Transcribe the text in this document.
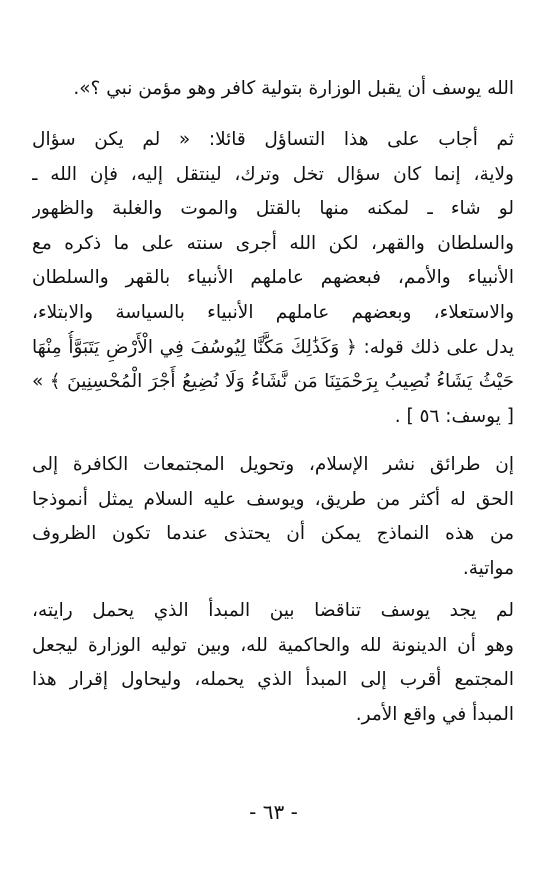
الله يوسف أن يقبل الوزارة بتولية كافر وهو مؤمن نبي ؟».
ثم أجاب على هذا التساؤل قائلا: « لم يكن سؤال
ولاية، إنما كان سؤال تخل وترك، لينتقل إليه، فإن الله ـ
لو شاء ـ لمكنه منها بالقتل والموت والغلبة والظهور
والسلطان والقهر، لكن الله أجرى سنته على ما ذكره مع
الأنبياء والأمم، فبعضهم عاملهم الأنبياء بالقهر والسلطان
والاستعلاء، وبعضهم عاملهم الأنبياء بالسياسة والابتلاء،
يدل على ذلك قوله: ﴿ وَكَذَٰلِكَ مَكَّنَّا لِيُوسُفَ فِي الْأَرْضِ يَتَبَوَّأُ مِنْهَا
حَيْثُ يَشَاءُ نُصِيبُ بِرَحْمَتِنَا مَن نَّشَاءُ وَلَا نُضِيعُ أَجْرَ الْمُحْسِنِينَ ﴾ »
[ يوسف: ٥٦ ] .
إن طرائق نشر الإسلام، وتحويل المجتمعات الكافرة إلى
الحق له أكثر من طريق، ويوسف عليه السلام يمثل أنموذجا
من هذه النماذج يمكن أن يحتذى عندما تكون الظروف
مواتية.
لم يجد يوسف تناقضا بين المبدأ الذي يحمل رايته،
وهو أن الدينونة لله والحاكمية لله، وبين توليه الوزارة ليجعل
المجتمع أقرب إلى المبدأ الذي يحمله، وليحاول إقرار هذا
المبدأ في واقع الأمر.
- ٦٣ -
